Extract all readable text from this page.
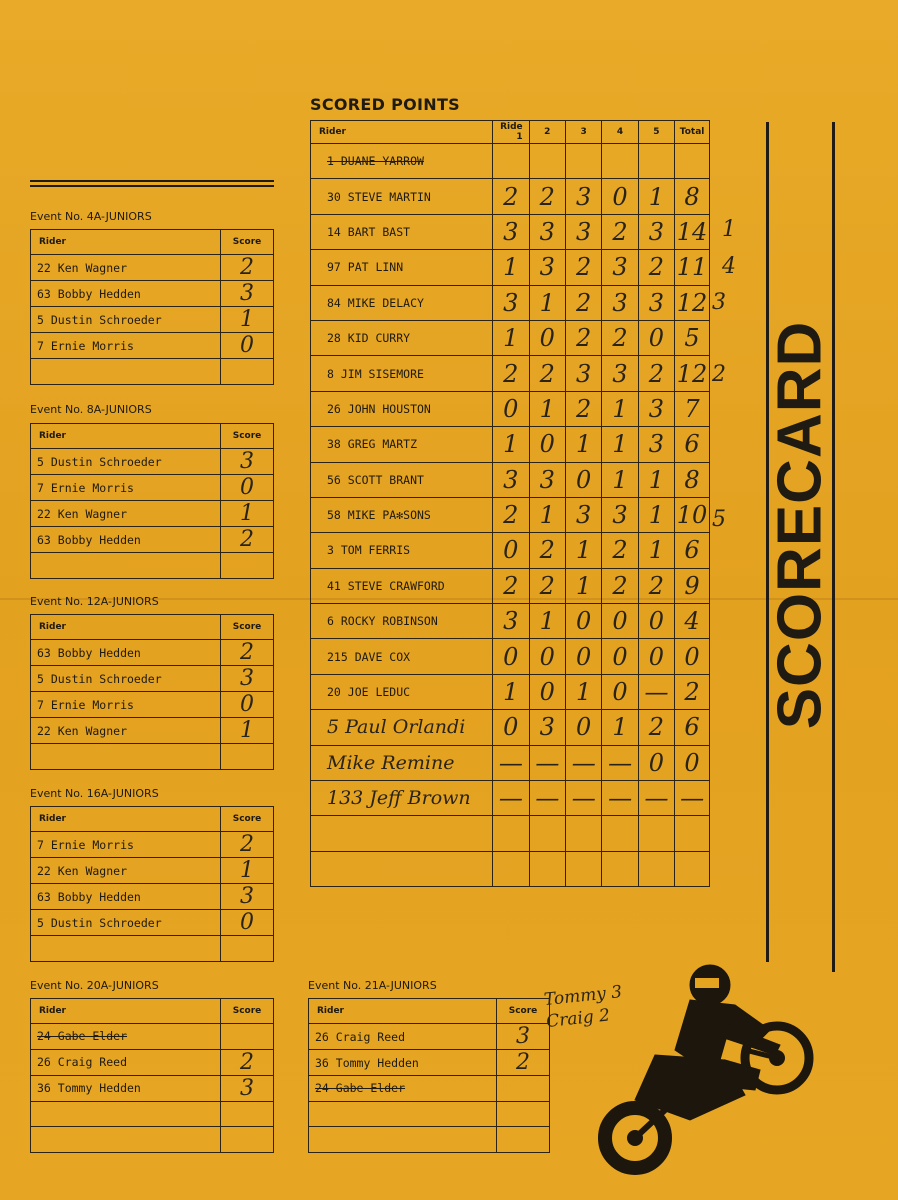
SCORED POINTS
Rider	Ride 1	2	3	4	5	Total
1 DUANE YARROW						
30 STEVE MARTIN	2	2	3	0	1	8
14 BART BAST	3	3	3	2	3	14
97 PAT LINN	1	3	2	3	2	11
84 MIKE DELACY	3	1	2	3	3	12
28 KID CURRY	1	0	2	2	0	5
8 JIM SISEMORE	2	2	3	3	2	12
26 JOHN HOUSTON	0	1	2	1	3	7
38 GREG MARTZ	1	0	1	1	3	6
56 SCOTT BRANT	3	3	0	1	1	8
58 MIKE PA✻SONS	2	1	3	3	1	10
3 TOM FERRIS	0	2	1	2	1	6
41 STEVE CRAWFORD	2	2	1	2	2	9
6 ROCKY ROBINSON	3	1	0	0	0	4
215 DAVE COX	0	0	0	0	0	0
20 JOE LEDUC	1	0	1	0	—	2
5 Paul Orlandi	0	3	0	1	2	6
Mike Remine	—	—	—	—	0	0
133 Jeff Brown	—	—	—	—	—	—

1
4
3
2
5
Event No. 4A-JUNIORS
Rider	Score
22 Ken Wagner	2
63 Bobby Hedden	3
5 Dustin Schroeder	1
7 Ernie Morris	0

Event No. 8A-JUNIORS
Rider	Score
5 Dustin Schroeder	3
7 Ernie Morris	0
22 Ken Wagner	1
63 Bobby Hedden	2

Event No. 12A-JUNIORS
Rider	Score
63 Bobby Hedden	2
5 Dustin Schroeder	3
7 Ernie Morris	0
22 Ken Wagner	1

Event No. 16A-JUNIORS
Rider	Score
7 Ernie Morris	2
22 Ken Wagner	1
63 Bobby Hedden	3
5 Dustin Schroeder	0

Event No. 20A-JUNIORS
Rider	Score
24 Gabe Elder	
26 Craig Reed	2
36 Tommy Hedden	3

Event No. 21A-JUNIORS
Rider	Score
26 Craig Reed	3
36 Tommy Hedden	2
24 Gabe Elder	

SCORECARD
Tommy 3
Craig 2
